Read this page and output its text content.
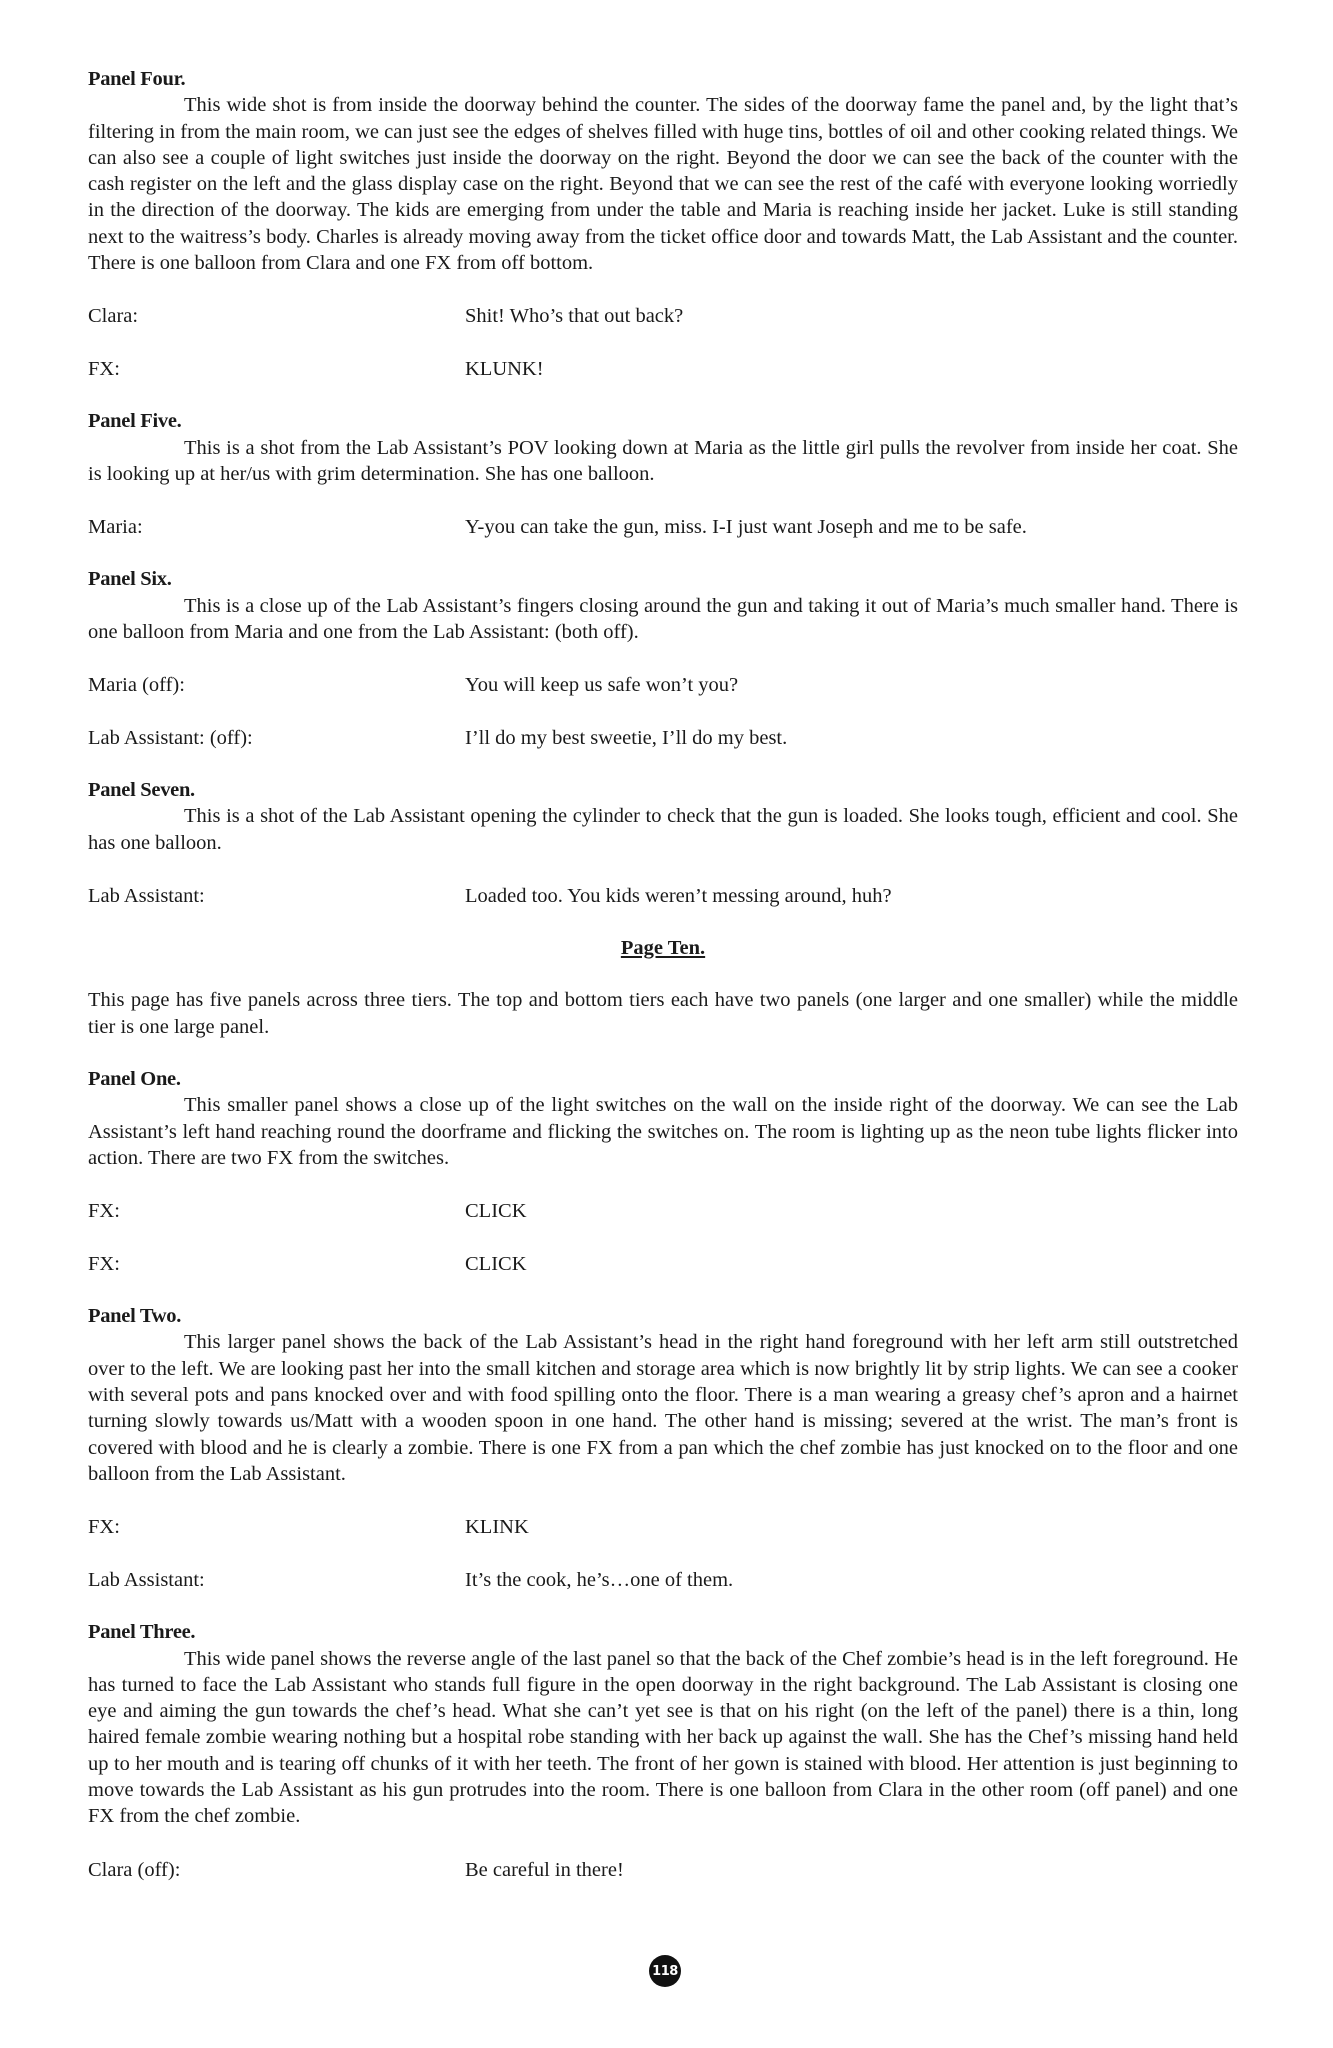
Panel Four.

This wide shot is from inside the doorway behind the counter. The sides of the doorway fame the panel and, by the light that’s filtering in from the main room, we can just see the edges of shelves filled with huge tins, bottles of oil and other cooking related things. We can also see a couple of light switches just inside the doorway on the right. Beyond the door we can see the back of the counter with the cash register on the left and the glass display case on the right. Beyond that we can see the rest of the café with everyone looking worriedly in the direction of the doorway. The kids are emerging from under the table and Maria is reaching inside her jacket. Luke is still standing next to the waitress’s body. Charles is already moving away from the ticket office door and towards Matt, the Lab Assistant and the counter. There is one balloon from Clara and one FX from off bottom.

Clara:	Shit! Who’s that out back?
FX:	KLUNK!
Panel Five.

This is a shot from the Lab Assistant’s POV looking down at Maria as the little girl pulls the revolver from inside her coat. She is looking up at her/us with grim determination. She has one balloon.

Maria:	Y-you can take the gun, miss. I-I just want Joseph and me to be safe.
Panel Six.

This is a close up of the Lab Assistant’s fingers closing around the gun and taking it out of Maria’s much smaller hand. There is one balloon from Maria and one from the Lab Assistant: (both off).

Maria (off):	You will keep us safe won’t you?
Lab Assistant: (off):	I’ll do my best sweetie, I’ll do my best.
Panel Seven.

This is a shot of the Lab Assistant opening the cylinder to check that the gun is loaded. She looks tough, efficient and cool. She has one balloon.

Lab Assistant:	Loaded too. You kids weren’t messing around, huh?
Page Ten.

This page has five panels across three tiers. The top and bottom tiers each have two panels (one larger and one smaller) while the middle tier is one large panel.

Panel One.

This smaller panel shows a close up of the light switches on the wall on the inside right of the doorway. We can see the Lab Assistant’s left hand reaching round the doorframe and flicking the switches on. The room is lighting up as the neon tube lights flicker into action. There are two FX from the switches.

FX:	CLICK
FX:	CLICK
Panel Two.

This larger panel shows the back of the Lab Assistant’s head in the right hand foreground with her left arm still outstretched over to the left. We are looking past her into the small kitchen and storage area which is now brightly lit by strip lights. We can see a cooker with several pots and pans knocked over and with food spilling onto the floor. There is a man wearing a greasy chef’s apron and a hairnet turning slowly towards us/Matt with a wooden spoon in one hand. The other hand is missing; severed at the wrist. The man’s front is covered with blood and he is clearly a zombie. There is one FX from a pan which the chef zombie has just knocked on to the floor and one balloon from the Lab Assistant.

FX:	KLINK
Lab Assistant:	It’s the cook, he’s…one of them.
Panel Three.

This wide panel shows the reverse angle of the last panel so that the back of the Chef zombie’s head is in the left foreground. He has turned to face the Lab Assistant who stands full figure in the open doorway in the right background. The Lab Assistant is closing one eye and aiming the gun towards the chef’s head. What she can’t yet see is that on his right (on the left of the panel) there is a thin, long haired female zombie wearing nothing but a hospital robe standing with her back up against the wall. She has the Chef’s missing hand held up to her mouth and is tearing off chunks of it with her teeth. The front of her gown is stained with blood. Her attention is just beginning to move towards the Lab Assistant as his gun protrudes into the room. There is one balloon from Clara in the other room (off panel) and one FX from the chef zombie.

Clara (off):	Be careful in there!
118
